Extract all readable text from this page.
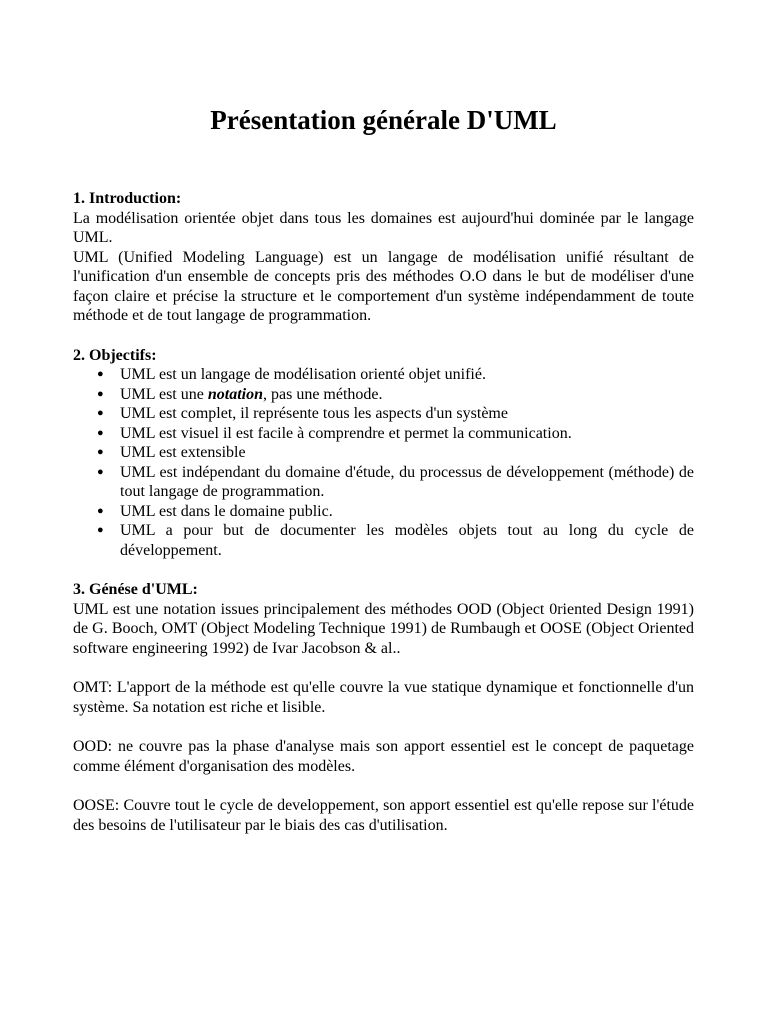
Présentation générale D'UML

1. Introduction:

La modélisation orientée objet dans tous les domaines est aujourd'hui dominée par le langage UML.

UML (Unified Modeling Language) est un langage de modélisation unifié résultant de l'unification d'un ensemble de concepts pris des méthodes O.O dans le but de modéliser d'une façon claire et précise la structure et le comportement d'un système indépendamment de toute méthode et de tout langage de programmation.

2. Objectifs:

● UML est un langage de modélisation orienté objet unifié.
● UML est une notation, pas une méthode.
● UML est complet, il représente tous les aspects d'un système
● UML est visuel il est facile à comprendre et permet la communication.
● UML est extensible
● UML est indépendant du domaine d'étude, du processus de développement (méthode) de tout langage de programmation.
● UML est dans le domaine public.
● UML a pour but de documenter les modèles objets tout au long du cycle de développement.

3. Génése d'UML:

UML est une notation issues principalement des méthodes OOD (Object 0riented Design 1991) de G. Booch, OMT (Object Modeling Technique 1991) de Rumbaugh et OOSE (Object Oriented software engineering 1992) de Ivar Jacobson & al..

OMT: L'apport de la méthode est qu'elle couvre la vue statique dynamique et fonctionnelle d'un système. Sa notation est riche et lisible.

OOD: ne couvre pas la phase d'analyse mais son apport essentiel est le concept de paquetage comme élément d'organisation des modèles.

OOSE: Couvre tout le cycle de developpement, son apport essentiel est qu'elle repose sur l'étude des besoins de l'utilisateur par le biais des cas d'utilisation.
